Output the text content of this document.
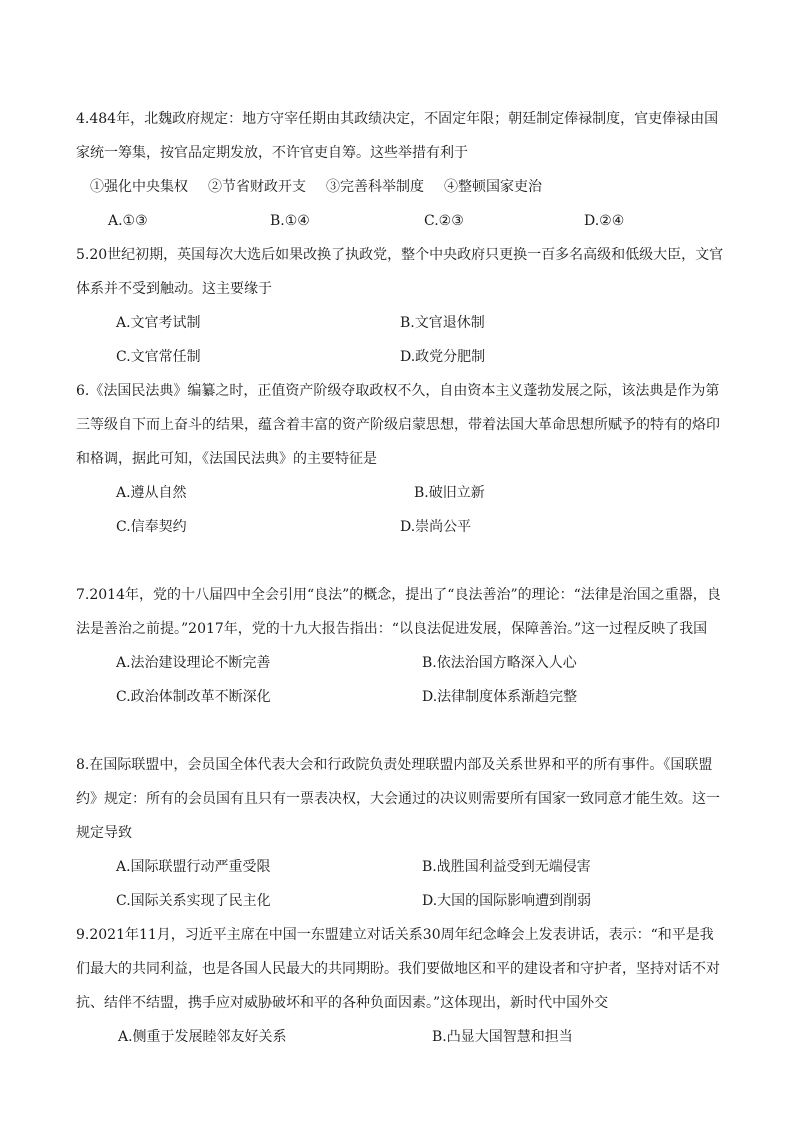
4.484年，北魏政府规定：地方守宰任期由其政绩决定，不固定年限；朝廷制定俸禄制度，官吏俸禄由国家统一筹集，按官品定期发放，不许官吏自筹。这些举措有利于

①强化中央集权 ②节省财政开支 ③完善科举制度 ④整顿国家吏治
A.①③	B.①④	C.②③	D.②④

5.20世纪初期，英国每次大选后如果改换了执政党，整个中央政府只更换一百多名高级和低级大臣，文官体系并不受到触动。这主要缘于

A.文官考试制	B.文官退休制
C.文官常任制	D.政党分肥制

6.《法国民法典》编纂之时，正值资产阶级夺取政权不久，自由资本主义蓬勃发展之际，该法典是作为第三等级自下而上奋斗的结果，蕴含着丰富的资产阶级启蒙思想，带着法国大革命思想所赋予的特有的烙印和格调，据此可知，《法国民法典》的主要特征是

A.遵从自然	B.破旧立新
C.信奉契约	D.崇尚公平

7.2014年，党的十八届四中全会引用“良法”的概念，提出了“良法善治”的理论：“法律是治国之重器，良法是善治之前提。”2017年，党的十九大报告指出：“以良法促进发展，保障善治。”这一过程反映了我国

A.法治建设理论不断完善	B.依法治国方略深入人心
C.政治体制改革不断深化	D.法律制度体系渐趋完整

8.在国际联盟中，会员国全体代表大会和行政院负责处理联盟内部及关系世界和平的所有事件。《国联盟约》规定：所有的会员国有且只有一票表决权，大会通过的决议则需要所有国家一致同意才能生效。这一规定导致

A.国际联盟行动严重受限	B.战胜国利益受到无端侵害
C.国际关系实现了民主化	D.大国的国际影响遭到削弱

9.2021年11月，习近平主席在中国一东盟建立对话关系30周年纪念峰会上发表讲话，表示：“和平是我们最大的共同利益，也是各国人民最大的共同期盼。我们要做地区和平的建设者和守护者，坚持对话不对抗、结伴不结盟，携手应对威胁破坏和平的各种负面因素。”这体现出，新时代中国外交

A.侧重于发展睦邻友好关系	B.凸显大国智慧和担当
